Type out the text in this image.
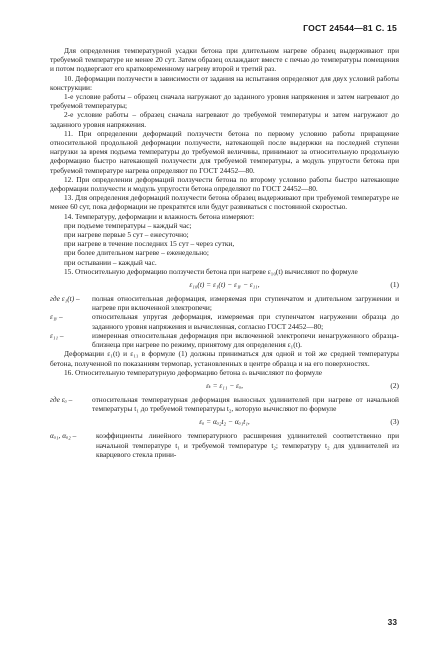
ГОСТ 24544—81 С. 15

Для определения температурной усадки бетона при длительном нагреве образец выдерживают при требуемой температуре не менее 20 сут. Затем образец охлаждают вместе с печью до температуры помещения и потом подвергают его кратковременному нагреву второй и третий раз.

10. Деформации ползучести в зависимости от задания на испытания определяют для двух условий работы конструкции:

1-е условие работы – образец сначала нагружают до заданного уровня напряжения и затем нагревают до требуемой температуры;

2-е условие работы – образец сначала нагревают до требуемой температуры и затем нагружают до заданного уровня напряжения.

11. При определении деформаций ползучести бетона по первому условию работы приращение относительной продольной деформации ползучести, натекающей после выдержки на последней ступени нагрузки за время подъема температуры до требуемой величины, принимают за относительную продольную деформацию быстро натекающей ползучести для требуемой температуры, а модуль упругости бетона при требуемой температуре нагрева определяют по ГОСТ 24452—80.

12. При определении деформаций ползучести бетона по второму условию работы быстро натекающие деформации ползучести и модуль упругости бетона определяют по ГОСТ 24452—80.

13. Для определения деформаций ползучести бетона образец выдерживают при требуемой температуре не менее 60 сут, пока деформации не прекратятся или будут развиваться с постоянной скоростью.

14. Температуру, деформации и влажность бетона измеряют:

при подъеме температуры – каждый час;

при нагреве первые 5 сут – ежесуточно;

при нагреве в течение последних 15 сут – через сутки,

при более длительном нагреве – еженедельно;

при остывании – каждый час.

15. Относительную деформацию ползучести бетона при нагреве ε₁₀(t) вычисляют по формуле

ε₁₀(t) = ε₁(t) − ε₁ᵧ − ε₁₁,	(1)
где ε₁(t) –	полная относительная деформация, измеряемая при ступенчатом и длительном загружении и нагреве при включенной электропечи;
ε₁ᵧ –	относительная упругая деформация, измеряемая при ступенчатом нагружении образца до заданного уровня напряжения и вычисленная, согласно ГОСТ 24452—80;
ε₁₁ –	измеренная относительная деформация при включенной электропечи ненагруженного образца-близнеца при нагреве по режиму, принятому для определения ε₁(t).

Деформации ε₁(t) и ε₁₁ в формуле (1) должны приниматься для одной и той же средней температуры бетона, полученной по показаниям термопар, установленных в центре образца и на его поверхностях.

16. Относительную температурную деформацию бетона εₜ вычисляют по формуле

εₜ = ε₁₁ − εₐ,	(2)
где εₐ –	относительная температурная деформация выносных удлинителей при нагреве от начальной температуры t₁ до требуемой температуры t₂, которую вычисляют по формуле
εₐ = αₐ₂t₂ − αₐ₁t₁,	(3)
αₐ₁, αₐ₂ –	коэффициенты линейного температурного расширения удлинителей соответственно при начальной температуре t₁ и требуемой температуре t₂; температуру t₂ для удлинителей из кварцевого стекла прини-
33
